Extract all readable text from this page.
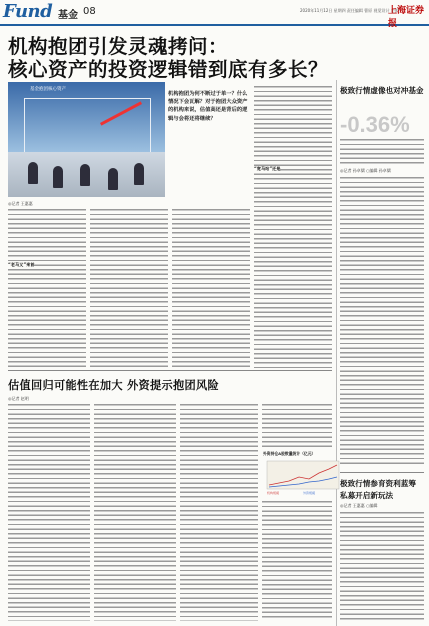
Fund 基金 08	2020年11月12日 星期四 责任编辑 曹原 视觉设计 毛明
上海证券报
机构抱团引发灵魂拷问：
核心资产的投资逻辑错到底有多长？
基金抱团核心资产
机构抱团为何不断过于单一？什么情况下会瓦解？对于抱团大众资产的机构来说，估值高还是背后的逻辑与会将还将继续？
◎记者 王惠惠
“老马又”来首
“宽马站”还是
估值回归可能性在加大 外资提示抱团风险
◎记者 赵明
外资持仓A股数量统计（亿元）
机构规模	外资规模
极致行情虚像也对冲基金
-0.36%
◎记者 孙卓儒 ○编辑 孙卓儒
极致行情参育资利蓝筹
私募开启新玩法
◎记者 王惠惠 ○编辑
